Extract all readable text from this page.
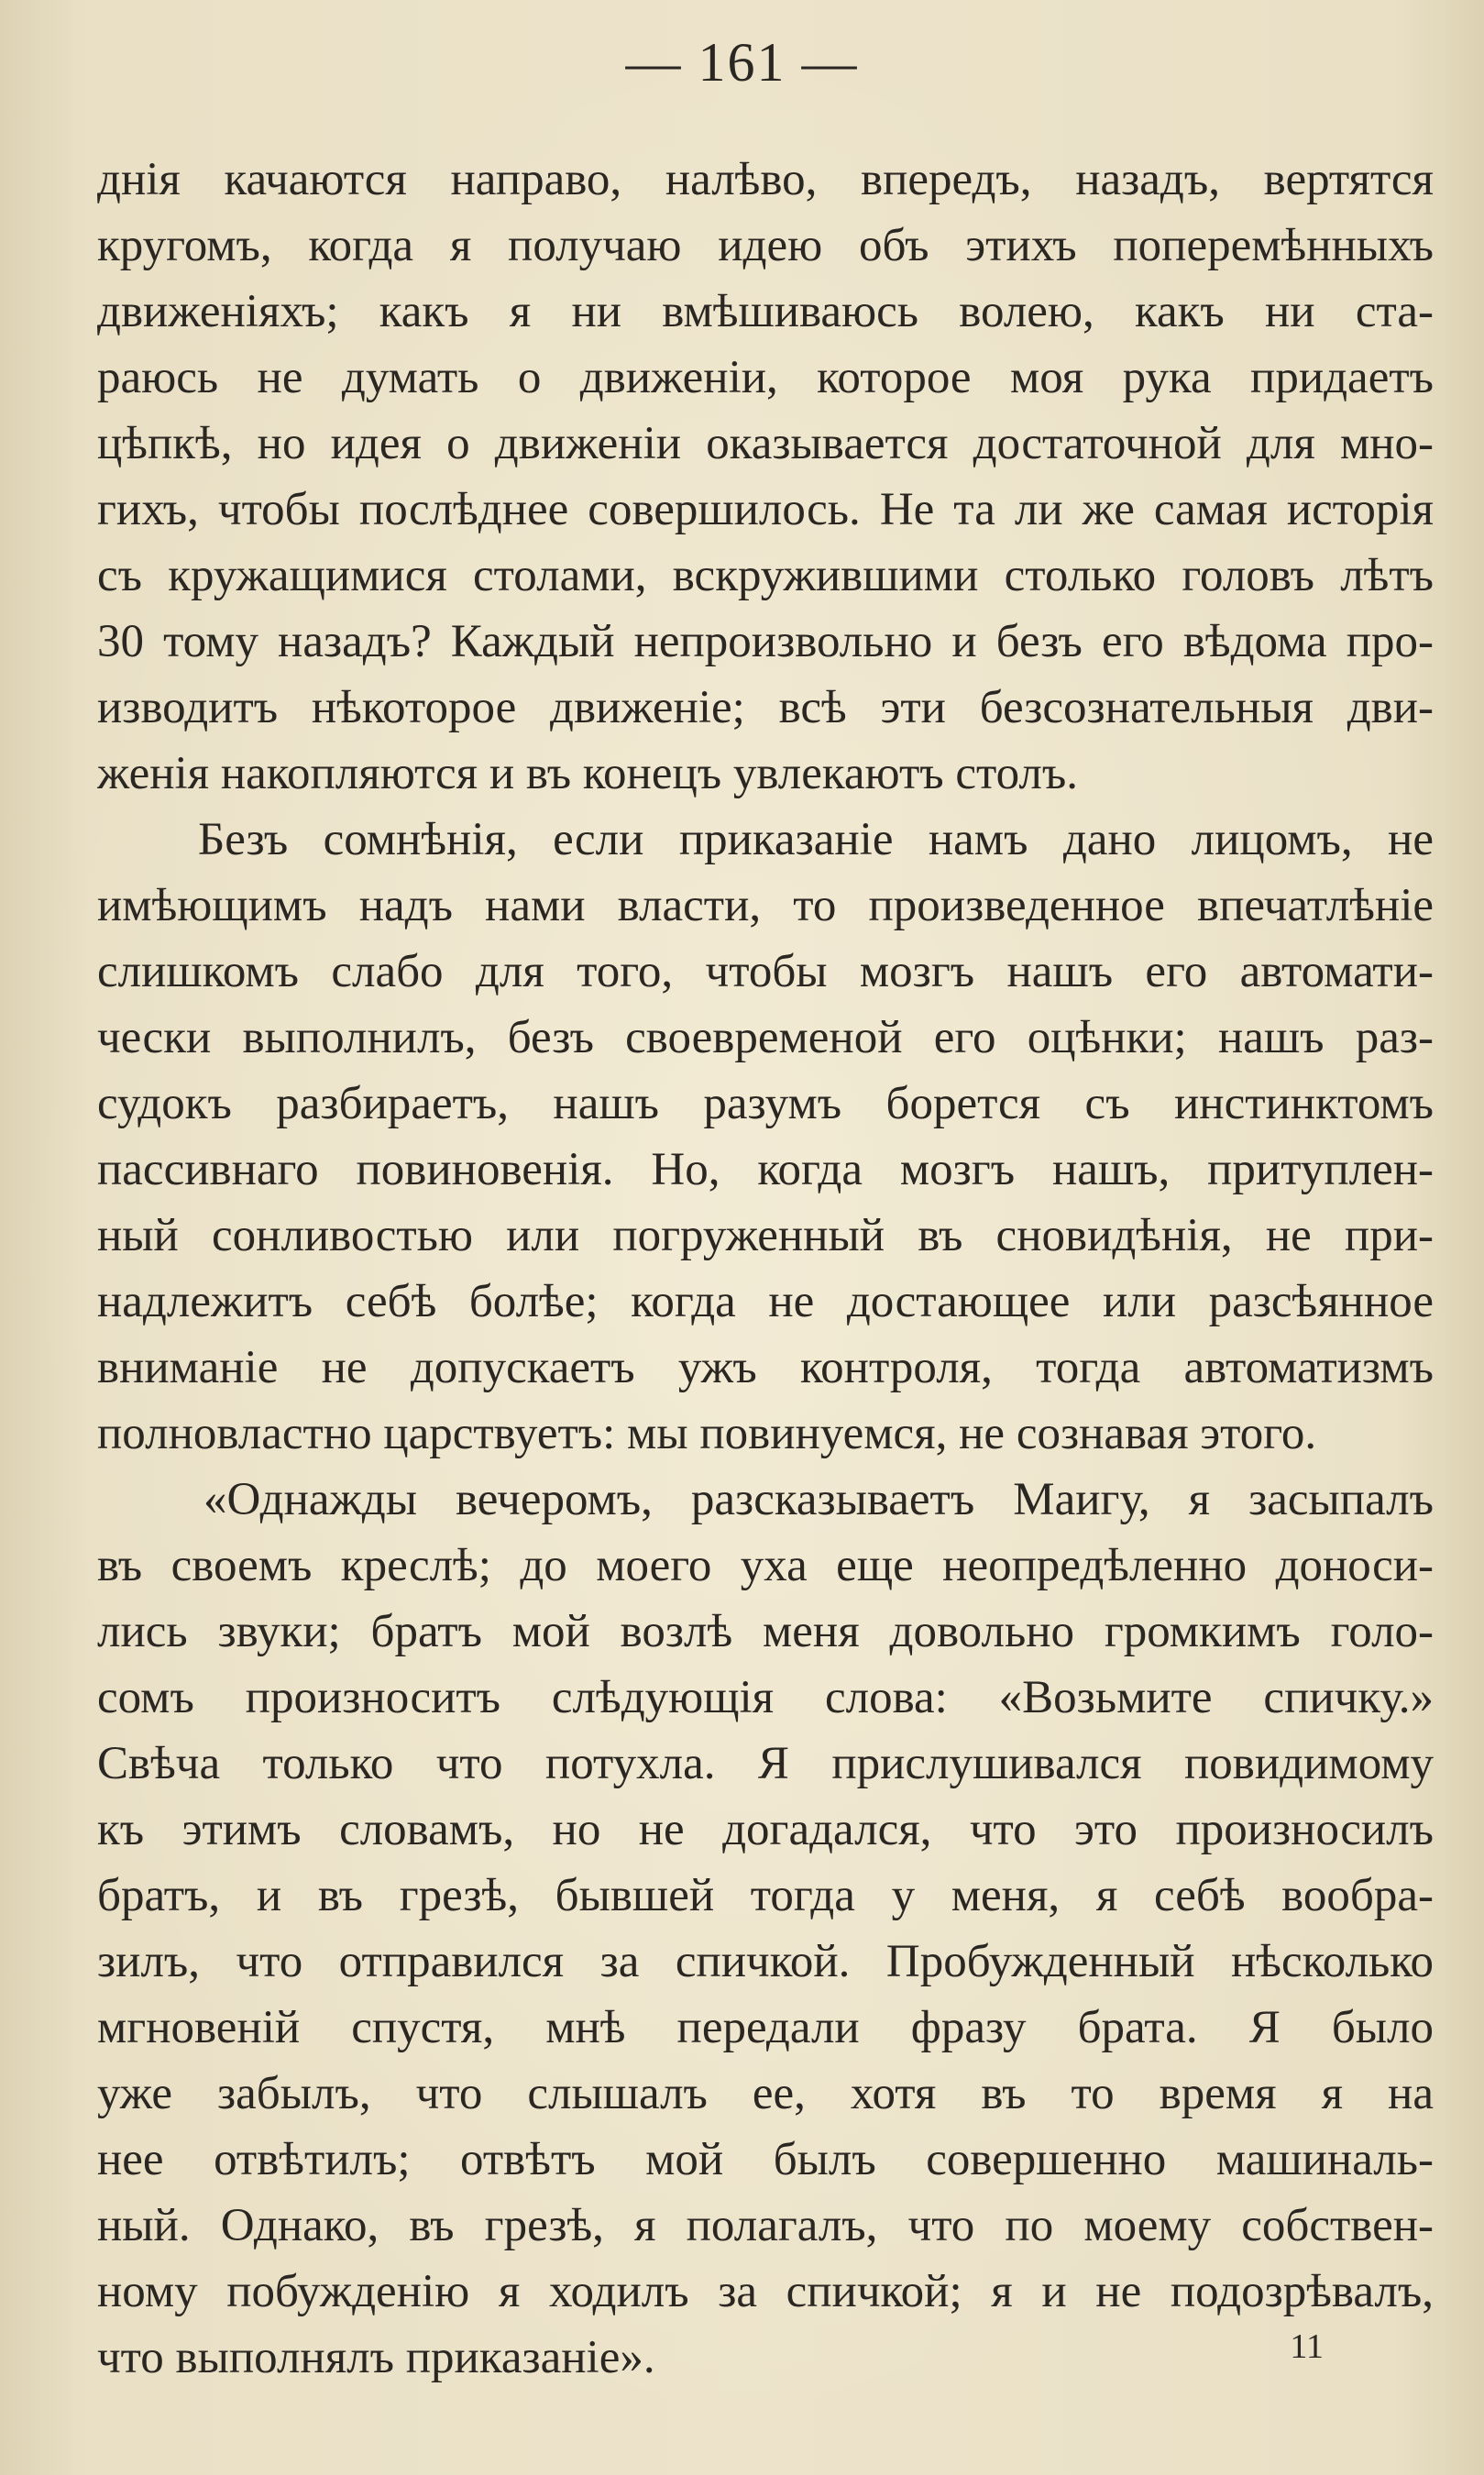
— 161 —
днія качаются направо, налѣво, впередъ, назадъ, вертятся
кругомъ, когда я получаю идею объ этихъ поперемѣнныхъ
движеніяхъ; какъ я ни вмѣшиваюсь волею, какъ ни ста-
раюсь не думать о движеніи, которое моя рука придаетъ
цѣпкѣ, но идея о движеніи оказывается достаточной для мно-
гихъ, чтобы послѣднее совершилось. Не та ли же самая исторія
съ кружащимися столами, вскружившими столько головъ лѣтъ
30 тому назадъ? Каждый непроизвольно и безъ его вѣдома про-
изводитъ нѣкоторое движеніе; всѣ эти безсознательныя дви-
женія накопляются и въ конецъ увлекаютъ столъ.
Безъ сомнѣнія, если приказаніе намъ дано лицомъ, не
имѣющимъ надъ нами власти, то произведенное впечатлѣніе
слишкомъ слабо для того, чтобы мозгъ нашъ его автомати-
чески выполнилъ, безъ своевременой его оцѣнки; нашъ раз-
судокъ разбираетъ, нашъ разумъ борется съ инстинктомъ
пассивнаго повиновенія. Но, когда мозгъ нашъ, притуплен-
ный сонливостью или погруженный въ сновидѣнія, не при-
надлежитъ себѣ болѣе; когда не достающее или разсѣянное
вниманіе не допускаетъ ужъ контроля, тогда автоматизмъ
полновластно царствуетъ: мы повинуемся, не сознавая этого.
«Однажды вечеромъ, разсказываетъ Маигу, я засыпалъ
въ своемъ креслѣ; до моего уха еще неопредѣленно доноси-
лись звуки; братъ мой возлѣ меня довольно громкимъ голо-
сомъ произноситъ слѣдующія слова: «Возьмите спичку.»
Свѣча только что потухла. Я прислушивался повидимому
къ этимъ словамъ, но не догадался, что это произносилъ
братъ, и въ грезѣ, бывшей тогда у меня, я себѣ вообра-
зилъ, что отправился за спичкой. Пробужденный нѣсколько
мгновеній спустя, мнѣ передали фразу брата. Я было
уже забылъ, что слышалъ ее, хотя въ то время я на
нее отвѣтилъ; отвѣтъ мой былъ совершенно машиналь-
ный. Однако, въ грезѣ, я полагалъ, что по моему собствен-
ному побужденію я ходилъ за спичкой; я и не подозрѣвалъ,
что выполнялъ приказаніе».	11
